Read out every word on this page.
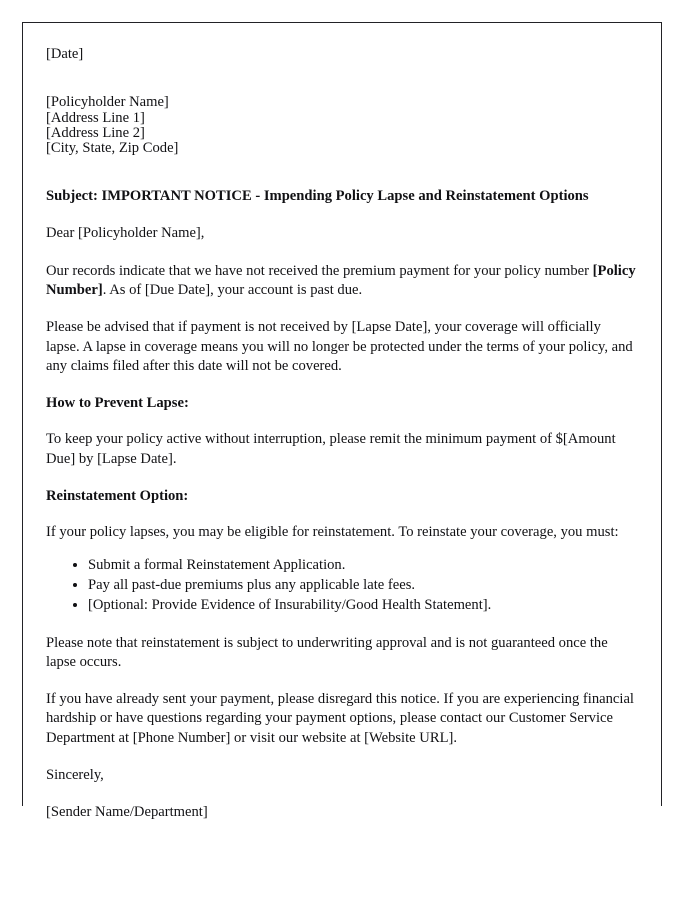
[Date]

[Policyholder Name]

[Address Line 1]

[Address Line 2]

[City, State, Zip Code]

Subject: IMPORTANT NOTICE - Impending Policy Lapse and Reinstatement Options

Dear [Policyholder Name],

Our records indicate that we have not received the premium payment for your policy number [Policy Number]. As of [Due Date], your account is past due.

Please be advised that if payment is not received by [Lapse Date], your coverage will officially lapse. A lapse in coverage means you will no longer be protected under the terms of your policy, and any claims filed after this date will not be covered.

How to Prevent Lapse:

To keep your policy active without interruption, please remit the minimum payment of $[Amount Due] by [Lapse Date].

Reinstatement Option:

If your policy lapses, you may be eligible for reinstatement. To reinstate your coverage, you must:

• Submit a formal Reinstatement Application.
• Pay all past-due premiums plus any applicable late fees.
• [Optional: Provide Evidence of Insurability/Good Health Statement].

Please note that reinstatement is subject to underwriting approval and is not guaranteed once the lapse occurs.

If you have already sent your payment, please disregard this notice. If you are experiencing financial hardship or have questions regarding your payment options, please contact our Customer Service Department at [Phone Number] or visit our website at [Website URL].

Sincerely,

[Sender Name/Department]
